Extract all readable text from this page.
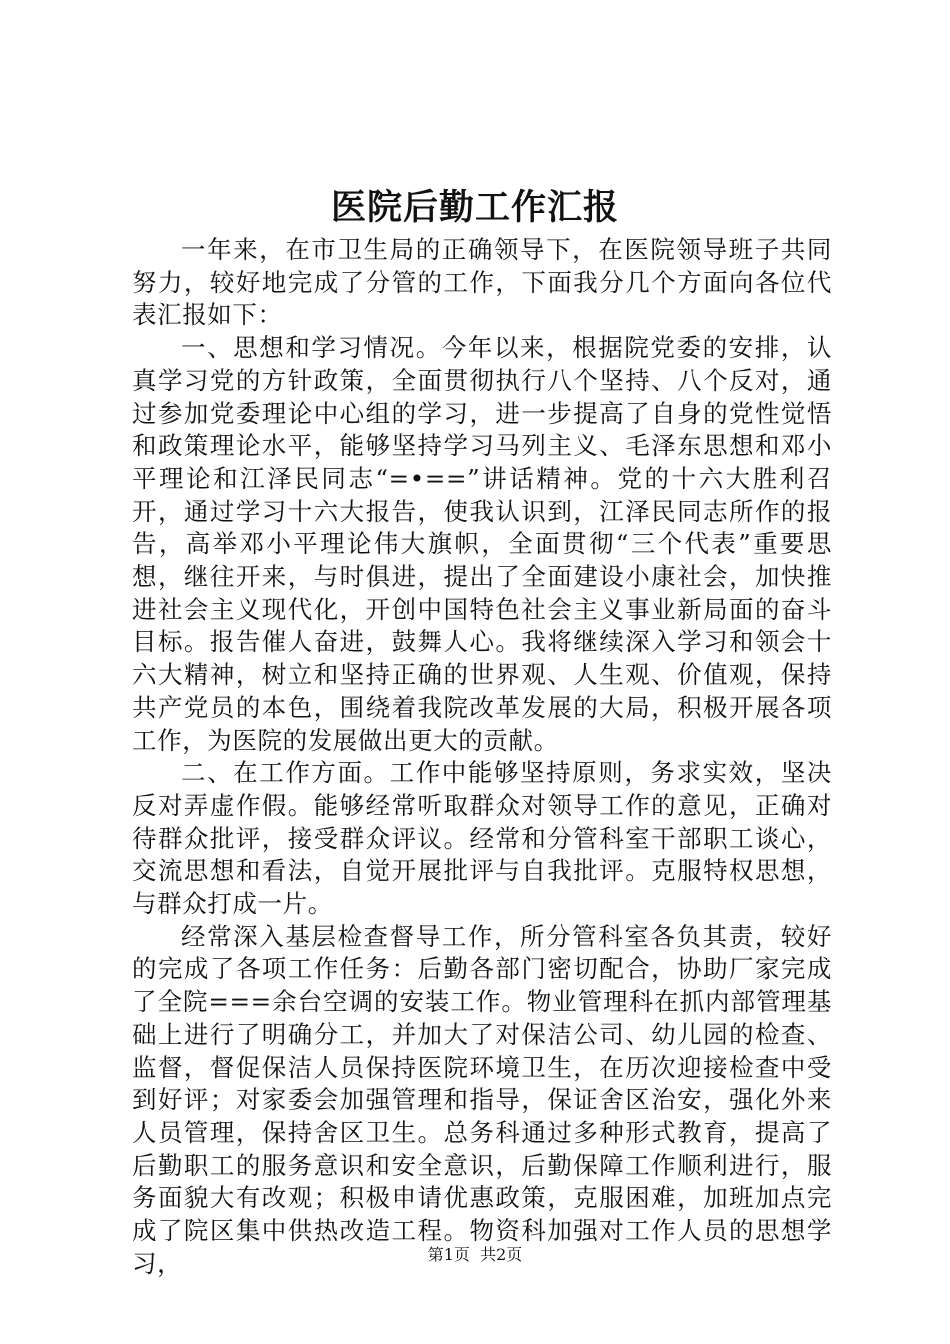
医院后勤工作汇报

一年来，在市卫生局的正确领导下，在医院领导班子共同努力，较好地完成了分管的工作，下面我分几个方面向各位代表汇报如下：

一、思想和学习情况。今年以来，根据院党委的安排，认真学习党的方针政策，全面贯彻执行八个坚持、八个反对，通过参加党委理论中心组的学习，进一步提高了自身的党性觉悟和政策理论水平，能够坚持学习马列主义、毛泽东思想和邓小平理论和江泽民同志“=•==”讲话精神。党的十六大胜利召开，通过学习十六大报告，使我认识到，江泽民同志所作的报告，高举邓小平理论伟大旗帜，全面贯彻“三个代表”重要思想，继往开来，与时俱进，提出了全面建设小康社会，加快推进社会主义现代化，开创中国特色社会主义事业新局面的奋斗目标。报告催人奋进，鼓舞人心。我将继续深入学习和领会十六大精神，树立和坚持正确的世界观、人生观、价值观，保持共产党员的本色，围绕着我院改革发展的大局，积极开展各项工作，为医院的发展做出更大的贡献。

二、在工作方面。工作中能够坚持原则，务求实效，坚决反对弄虚作假。能够经常听取群众对领导工作的意见，正确对待群众批评，接受群众评议。经常和分管科室干部职工谈心，交流思想和看法，自觉开展批评与自我批评。克服特权思想，与群众打成一片。

经常深入基层检查督导工作，所分管科室各负其责，较好的完成了各项工作任务：后勤各部门密切配合，协助厂家完成了全院===余台空调的安装工作。物业管理科在抓内部管理基础上进行了明确分工，并加大了对保洁公司、幼儿园的检查、监督，督促保洁人员保持医院环境卫生，在历次迎接检查中受到好评；对家委会加强管理和指导，保证舍区治安，强化外来人员管理，保持舍区卫生。总务科通过多种形式教育，提高了后勤职工的服务意识和安全意识，后勤保障工作顺利进行，服务面貌大有改观；积极申请优惠政策，克服困难，加班加点完成了院区集中供热改造工程。物资科加强对工作人员的思想学习，	第1页  共2页
